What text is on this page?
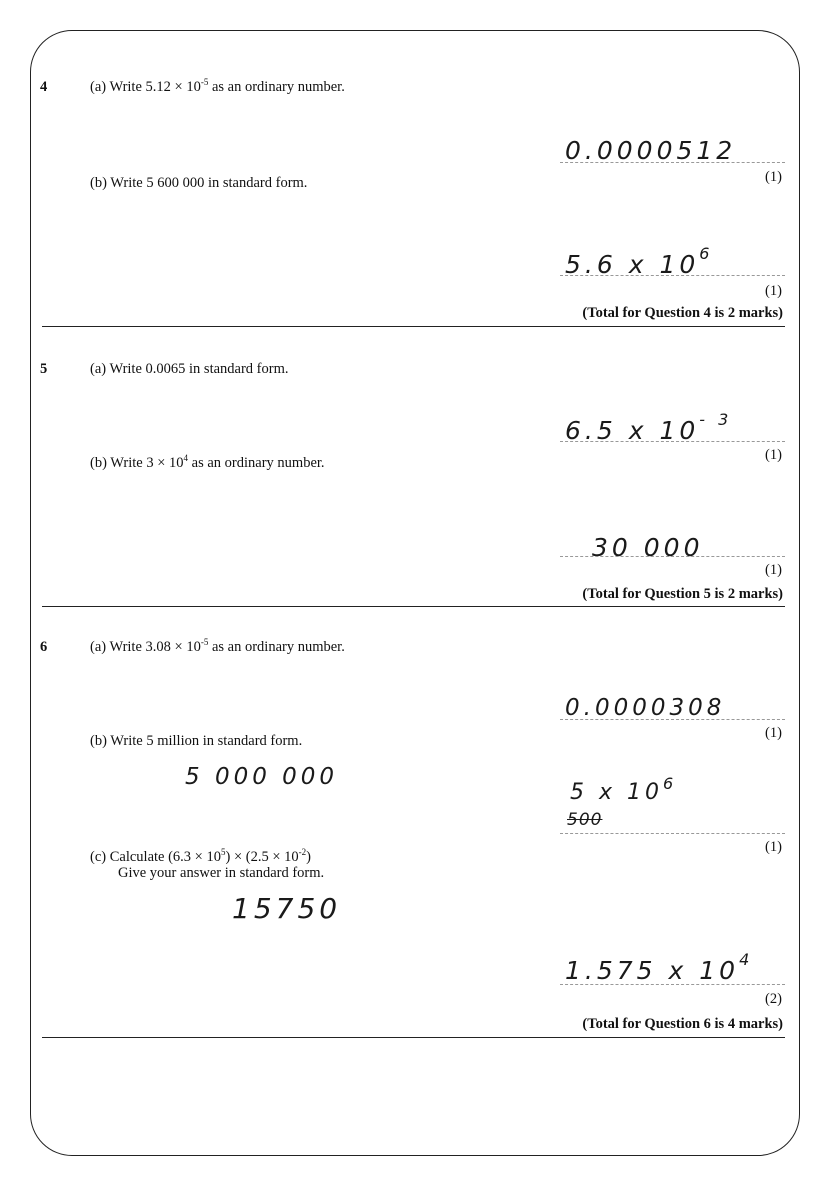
4	(a) Write $5.12 \times 10^{-5}$ as an ordinary number.
0.0000512
(1)
(b) Write 5 600 000 in standard form.
5.6 x $10^6$
(1)
(Total for Question 4 is 2 marks)
5	(a) Write 0.0065 in standard form.
6.5 x $10^{- 3}$
(1)
(b) Write $3 \times 10^4$ as an ordinary number.
30 000
(1)
(Total for Question 5 is 2 marks)
6	(a) Write $3.08 \times 10^{-5}$ as an ordinary number.
0.0000308
(1)
(b) Write 5 million in standard form.
5 000 000
5 x $10^6$
500
(1)
(c) Calculate $(6.3 \times 10^5) \times (2.5 \times 10^{-2})$
Give your answer in standard form.
15750
1.575 x $10^4$
(2)
(Total for Question 6 is 4 marks)
